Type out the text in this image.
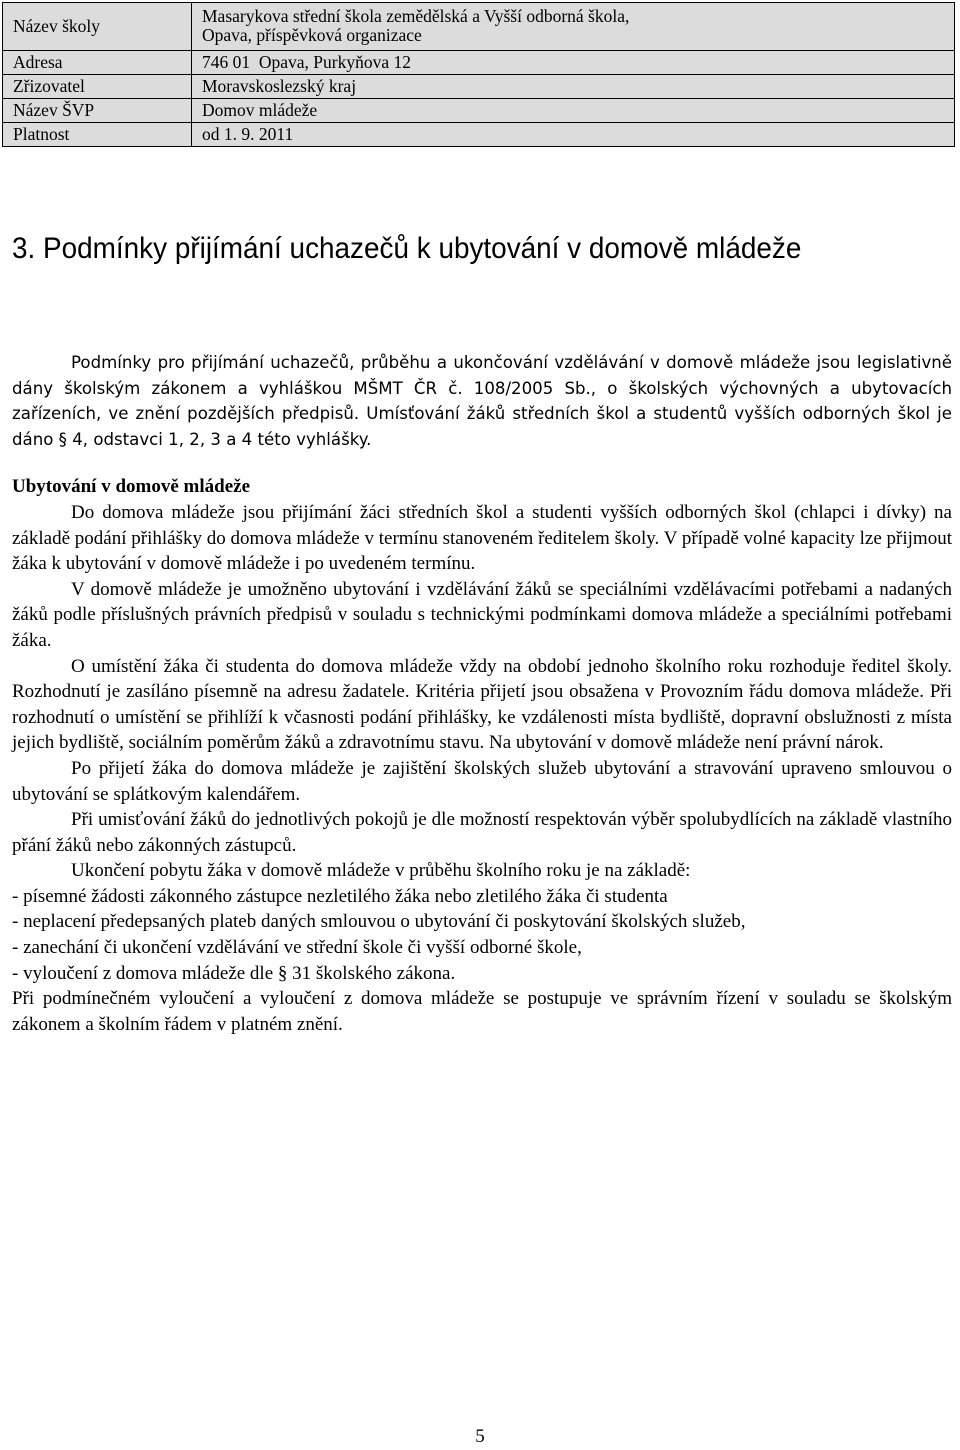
Název školy	Masarykova střední škola zemědělská a Vyšší odborná škola,
Opava, příspěvková organizace

Adresa	746 01  Opava, Purkyňova 12
Zřizovatel	Moravskoslezský kraj
Název ŠVP	Domov mládeže
Platnost	od 1. 9. 2011
3. Podmínky přijímání uchazečů k ubytování v domově mládeže

Podmínky pro přijímání uchazečů, průběhu a ukončování vzdělávání v domově mládeže jsou legislativně dány školským zákonem a vyhláškou MŠMT ČR č. 108/2005 Sb., o školských výchovných a ubytovacích zařízeních, ve znění pozdějších předpisů. Umísťování žáků středních škol a studentů vyšších odborných škol je dáno § 4, odstavci 1, 2, 3 a 4 této vyhlášky.

Ubytování v domově mládeže

Do domova mládeže jsou přijímání žáci středních škol a studenti vyšších odborných škol (chlapci i dívky) na základě podání přihlášky do domova mládeže v termínu stanoveném ředitelem školy. V případě volné kapacity lze přijmout žáka k ubytování v domově mládeže i po uvedeném termínu.

V domově mládeže je umožněno ubytování i vzdělávání žáků se speciálními vzdělávacími potřebami a nadaných žáků podle příslušných právních předpisů v souladu s technickými podmínkami domova mládeže a speciálními potřebami žáka.

O umístění žáka či studenta do domova mládeže vždy na období jednoho školního roku rozhoduje ředitel školy. Rozhodnutí je zasíláno písemně na adresu žadatele. Kritéria přijetí jsou obsažena v Provozním řádu domova mládeže. Při rozhodnutí o umístění se přihlíží k včasnosti podání přihlášky, ke vzdálenosti místa bydliště, dopravní obslužnosti z místa jejich bydliště, sociálním poměrům žáků a zdravotnímu stavu. Na ubytování v domově mládeže není právní nárok.

Po přijetí žáka do domova mládeže je zajištění školských služeb ubytování a stravování upraveno smlouvou o ubytování se splátkovým kalendářem.

Při umisťování žáků do jednotlivých pokojů je dle možností respektován výběr spolubydlících na základě vlastního přání žáků nebo zákonných zástupců.

Ukončení pobytu žáka v domově mládeže v průběhu školního roku je na základě:

- písemné žádosti zákonného zástupce nezletilého žáka nebo zletilého žáka či studenta

- neplacení předepsaných plateb daných smlouvou o ubytování či poskytování školských služeb,

- zanechání či ukončení vzdělávání ve střední škole či vyšší odborné škole,

- vyloučení z domova mládeže dle § 31 školského zákona.

Při podmínečném vyloučení a vyloučení z domova mládeže se postupuje ve správním řízení v souladu se školským zákonem a školním řádem v platném znění.

5
